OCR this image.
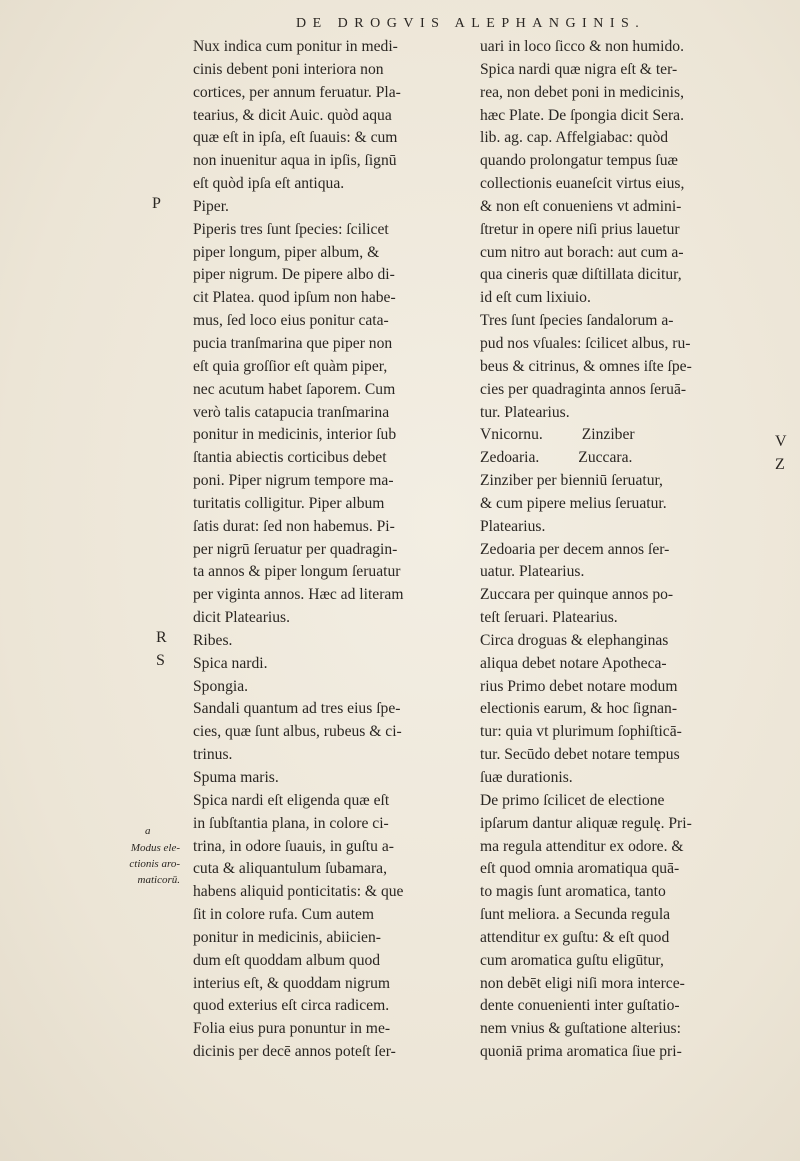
DE DROGVIS ALEPHANGINIS.
Nux indica cum ponitur in medi-
cinis debent poni interiora non
cortices, per annum feruatur. Pla-
tearius, & dicit Auic. quòd aqua
quæ eſt in ipſa, eſt ſuauis: & cum
non inuenitur aqua in ipſis, ſignū
eſt quòd ipſa eſt antiqua.
Piper.
Piperis tres ſunt ſpecies: ſcilicet
piper longum, piper album, &
piper nigrum. De pipere albo di-
cit Platea. quod ipſum non habe-
mus, ſed loco eius ponitur cata-
pucia tranſmarina que piper non
eſt quia groſſior eſt quàm piper,
nec acutum habet ſaporem. Cum
verò talis catapucia tranſmarina
ponitur in medicinis, interior ſub
ſtantia abiectis corticibus debet
poni. Piper nigrum tempore ma-
turitatis colligitur. Piper album
ſatis durat: ſed non habemus. Pi-
per nigrū ſeruatur per quadragin-
ta annos & piper longum ſeruatur
per viginta annos. Hæc ad literam
dicit Platearius.
Ribes.
Spica nardi.
Spongia.
Sandali quantum ad tres eius ſpe-
cies, quæ ſunt albus, rubeus & ci-
trinus.
Spuma maris.
Spica nardi eſt eligenda quæ eſt
in ſubſtantia plana, in colore ci-
trina, in odore ſuauis, in guſtu a-
cuta & aliquantulum ſubamara,
habens aliquid ponticitatis: & que
ſit in colore rufa. Cum autem
ponitur in medicinis, abiicien-
dum eſt quoddam album quod
interius eſt, & quoddam nigrum
quod exterius eſt circa radicem.
Folia eius pura ponuntur in me-
dicinis per decē annos poteſt ſer-
uari in loco ſicco & non humido.
Spica nardi quæ nigra eſt & ter-
rea, non debet poni in medicinis,
hæc Plate. De ſpongia dicit Sera.
lib. ag. cap. Affelgiabac: quòd
quando prolongatur tempus ſuæ
collectionis euaneſcit virtus eius,
& non eſt conueniens vt admini-
ſtretur in opere niſi prius lauetur
cum nitro aut borach: aut cum a-
qua cineris quæ diſtillata dicitur,
id eſt cum lixiuio.
Tres ſunt ſpecies ſandalorum a-
pud nos vſuales: ſcilicet albus, ru-
beus & citrinus, & omnes iſte ſpe-
cies per quadraginta annos ſeruā-
tur. Platearius.
Vnicornu.          Zinziber
Zedoaria.          Zuccara.
Zinziber per bienniū ſeruatur,
& cum pipere melius ſeruatur.
Platearius.
Zedoaria per decem annos ſer-
uatur. Platearius.
Zuccara per quinque annos po-
teſt ſeruari. Platearius.
Circa droguas & elephanginas
aliqua debet notare Apotheca-
rius Primo debet notare modum
electionis earum, & hoc ſignan-
tur: quia vt plurimum ſophiſticā-
tur. Secūdo debet notare tempus
ſuæ durationis.
De primo ſcilicet de electione
ipſarum dantur aliquæ regulę. Pri-
ma regula attenditur ex odore. &
eſt quod omnia aromatiqua quā-
to magis ſunt aromatica, tanto
ſunt meliora. a Secunda regula
attenditur ex guſtu: & eſt quod
cum aromatica guſtu eligūtur,
non debēt eligi niſi mora interce-
dente conuenienti inter guſtatio-
nem vnius & guſtatione alterius:
quoniā prima aromatica ſiue pri-
P
R
S
V
Z
a
Modus ele-
ctionis aro-
maticorū.
